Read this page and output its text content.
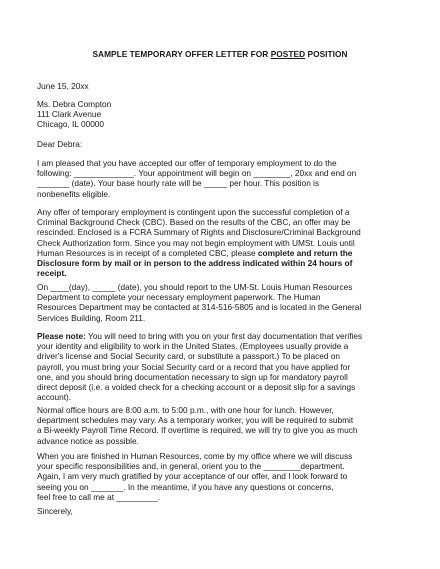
SAMPLE TEMPORARY OFFER LETTER FOR POSTED POSITION
June 15, 20xx
Ms. Debra Compton
111 Clark Avenue
Chicago, IL 00000
Dear Debra:
I am pleased that you have accepted our offer of temporary employment to do the
following: _____________. Your appointment will begin on ________, 20xx and end on
_______ (date). Your base hourly rate will be _____ per hour. This position is
nonbenefits eligible.
Any offer of temporary employment is contingent upon the successful completion of a
Criminal Background Check (CBC). Based on the results of the CBC, an offer may be
rescinded. Enclosed is a FCRA Summary of Rights and Disclosure/Criminal Background
Check Authorization form. Since you may not begin employment with UMSt. Louis until
Human Resources is in receipt of a completed CBC, please complete and return the
Disclosure form by mail or in person to the address indicated within 24 hours of
receipt.
On ____(day), _____ (date), you should report to the UM-St. Louis Human Resources
Department to complete your necessary employment paperwork. The Human
Resources Department may be contacted at 314-516-5805 and is located in the General
Services Building, Room 211.
Please note: You will need to bring with you on your first day documentation that verifies
your identity and eligibility to work in the United States. (Employees usually provide a
driver's license and Social Security card, or substitute a passport.) To be placed on
payroll, you must bring your Social Security card or a record that you have applied for
one, and you should bring documentation necessary to sign up for mandatory payroll
direct deposit (i.e. a voided check for a checking account or a deposit slip for a savings
account).
Normal office hours are 8:00 a.m. to 5:00 p.m., with one hour for lunch. However,
department schedules may vary. As a temporary worker, you will be required to submit
a Bi-weekly Payroll Time Record. If overtime is required, we will try to give you as much
advance notice as possible.
When you are finished in Human Resources, come by my office where we will discuss
your specific responsibilities and, in general, orient you to the ________department.
Again, I am very much gratified by your acceptance of our offer, and I look forward to
seeing you on _______. In the meantime, if you have any questions or concerns,
feel free to call me at _________.
Sincerely,
